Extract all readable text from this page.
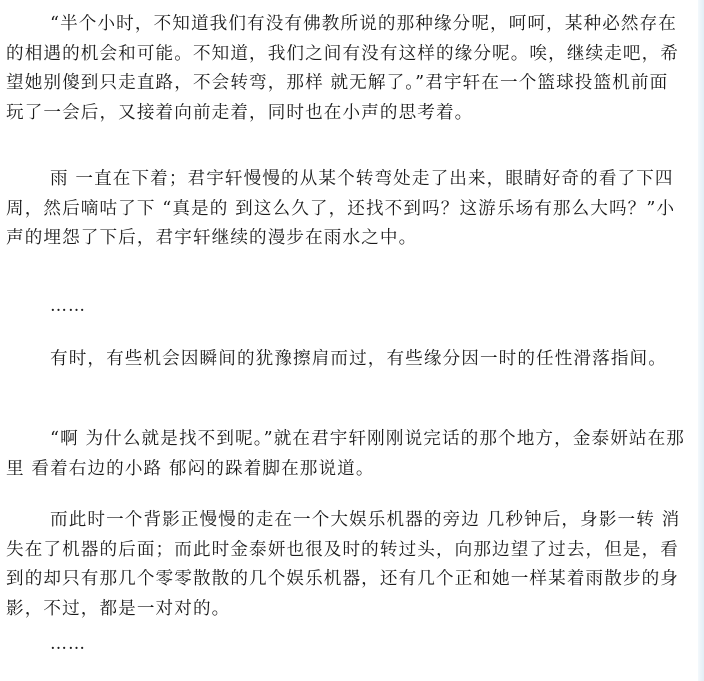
“半个小时，不知道我们有没有佛教所说的那种缘分呢，呵呵，某种必然存在的相遇的机会和可能。不知道，我们之间有没有这样的缘分呢。唉，继续走吧，希望她别傻到只走直路，不会转弯，那样 就无解了。”君宇轩在一个篮球投篮机前面玩了一会后，又接着向前走着，同时也在小声的思考着。

雨 一直在下着；君宇轩慢慢的从某个转弯处走了出来，眼睛好奇的看了下四周，然后嘀咕了下 “真是的 到这么久了，还找不到吗？这游乐场有那么大吗？”小声的埋怨了下后，君宇轩继续的漫步在雨水之中。

……

有时，有些机会因瞬间的犹豫擦肩而过，有些缘分因一时的任性滑落指间。

“啊 为什么就是找不到呢。”就在君宇轩刚刚说完话的那个地方，金泰妍站在那里 看着右边的小路 郁闷的跺着脚在那说道。

而此时一个背影正慢慢的走在一个大娱乐机器的旁边 几秒钟后，身影一转 消失在了机器的后面；而此时金泰妍也很及时的转过头，向那边望了过去，但是，看到的却只有那几个零零散散的几个娱乐机器，还有几个正和她一样某着雨散步的身影，不过，都是一对对的。

……
